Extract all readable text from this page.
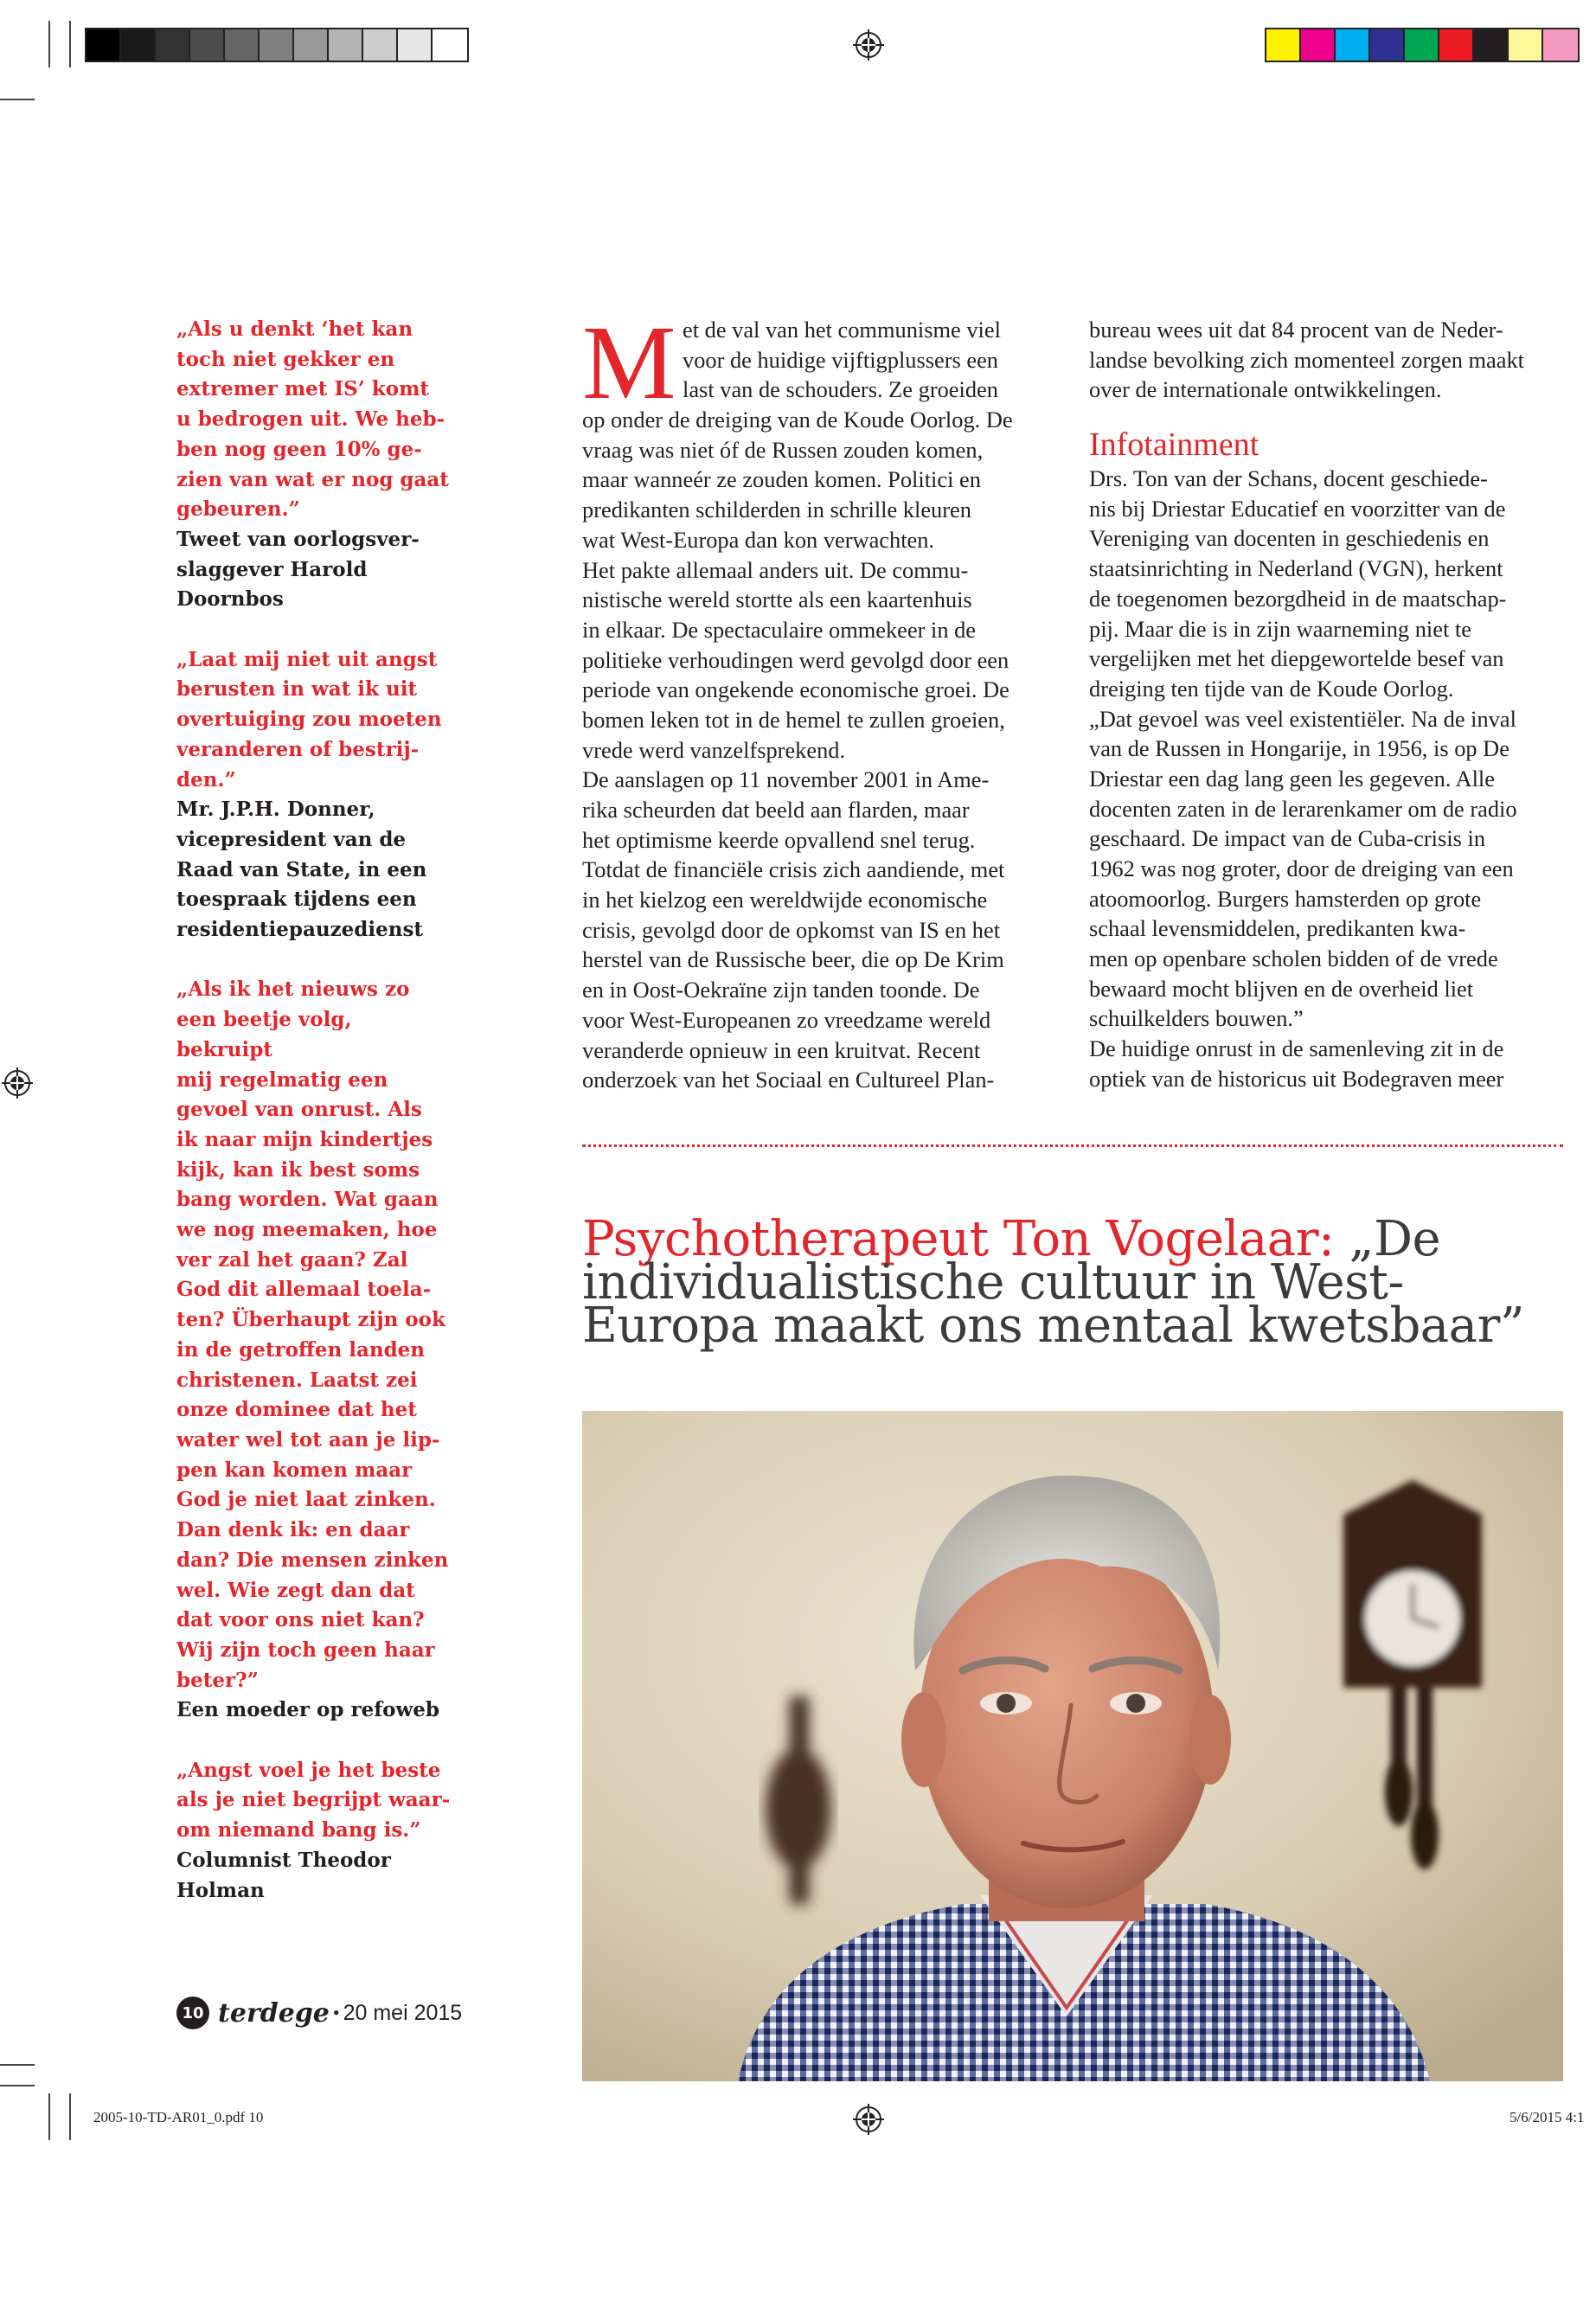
„Als u denkt ‘het kan
toch niet gekker en
extremer met IS’ komt
u bedrogen uit. We heb-
ben nog geen 10% ge-
zien van wat er nog gaat
gebeuren.”
Tweet van oorlogsver-
slaggever Harold
Doornbos
„Laat mij niet uit angst
berusten in wat ik uit
overtuiging zou moeten
veranderen of bestrij-
den.”
Mr. J.P.H. Donner,
vicepresident van de
Raad van State, in een
toespraak tijdens een
residentiepauzedienst
„Als ik het nieuws zo
een beetje volg, bekruipt
mij regelmatig een
gevoel van onrust. Als
ik naar mijn kindertjes
kijk, kan ik best soms
bang worden. Wat gaan
we nog meemaken, hoe
ver zal het gaan? Zal
God dit allemaal toela-
ten? Überhaupt zijn ook
in de getroffen landen
christenen. Laatst zei
onze dominee dat het
water wel tot aan je lip-
pen kan komen maar
God je niet laat zinken.
Dan denk ik: en daar
dan? Die mensen zinken
wel. Wie zegt dan dat
dat voor ons niet kan?
Wij zijn toch geen haar
beter?”
Een moeder op refoweb
„Angst voel je het beste
als je niet begrijpt waar-
om niemand bang is.”
Columnist Theodor
Holman
M et de val van het communisme viel
voor de huidige vijftigplussers een
last van de schouders. Ze groeiden
op onder de dreiging van de Koude Oorlog. De
vraag was niet óf de Russen zouden komen,
maar wanneér ze zouden komen. Politici en
predikanten schilderden in schrille kleuren
wat West-Europa dan kon verwachten.
Het pakte allemaal anders uit. De commu-
nistische wereld stortte als een kaartenhuis
in elkaar. De spectaculaire ommekeer in de
politieke verhoudingen werd gevolgd door een
periode van ongekende economische groei. De
bomen leken tot in de hemel te zullen groeien,
vrede werd vanzelfsprekend.
De aanslagen op 11 november 2001 in Ame-
rika scheurden dat beeld aan flarden, maar
het optimisme keerde opvallend snel terug.
Totdat de financiële crisis zich aandiende, met
in het kielzog een wereldwijde economische
crisis, gevolgd door de opkomst van IS en het
herstel van de Russische beer, die op De Krim
en in Oost-Oekraïne zijn tanden toonde. De
voor West-Europeanen zo vreedzame wereld
veranderde opnieuw in een kruitvat. Recent
onderzoek van het Sociaal en Cultureel Plan-
bureau wees uit dat 84 procent van de Neder-
landse bevolking zich momenteel zorgen maakt
over de internationale ontwikkelingen.
Infotainment
Drs. Ton van der Schans, docent geschiede-
nis bij Driestar Educatief en voorzitter van de
Vereniging van docenten in geschiedenis en
staatsinrichting in Nederland (VGN), herkent
de toegenomen bezorgdheid in de maatschap-
pij. Maar die is in zijn waarneming niet te
vergelijken met het diepgewortelde besef van
dreiging ten tijde van de Koude Oorlog.
„Dat gevoel was veel existentiëler. Na de inval
van de Russen in Hongarije, in 1956, is op De
Driestar een dag lang geen les gegeven. Alle
docenten zaten in de lerarenkamer om de radio
geschaard. De impact van de Cuba-crisis in
1962 was nog groter, door de dreiging van een
atoomoorlog. Burgers hamsterden op grote
schaal levensmiddelen, predikanten kwa-
men op openbare scholen bidden of de vrede
bewaard mocht blijven en de overheid liet
schuilkelders bouwen.”
De huidige onrust in de samenleving zit in de
optiek van de historicus uit Bodegraven meer
Psychotherapeut Ton Vogelaar: „De
individualistische cultuur in West-
Europa maakt ons mentaal kwetsbaar”
10 terdege • 20 mei 2015
2005-10-TD-AR01_0.pdf 10	5/6/2015 4:1
